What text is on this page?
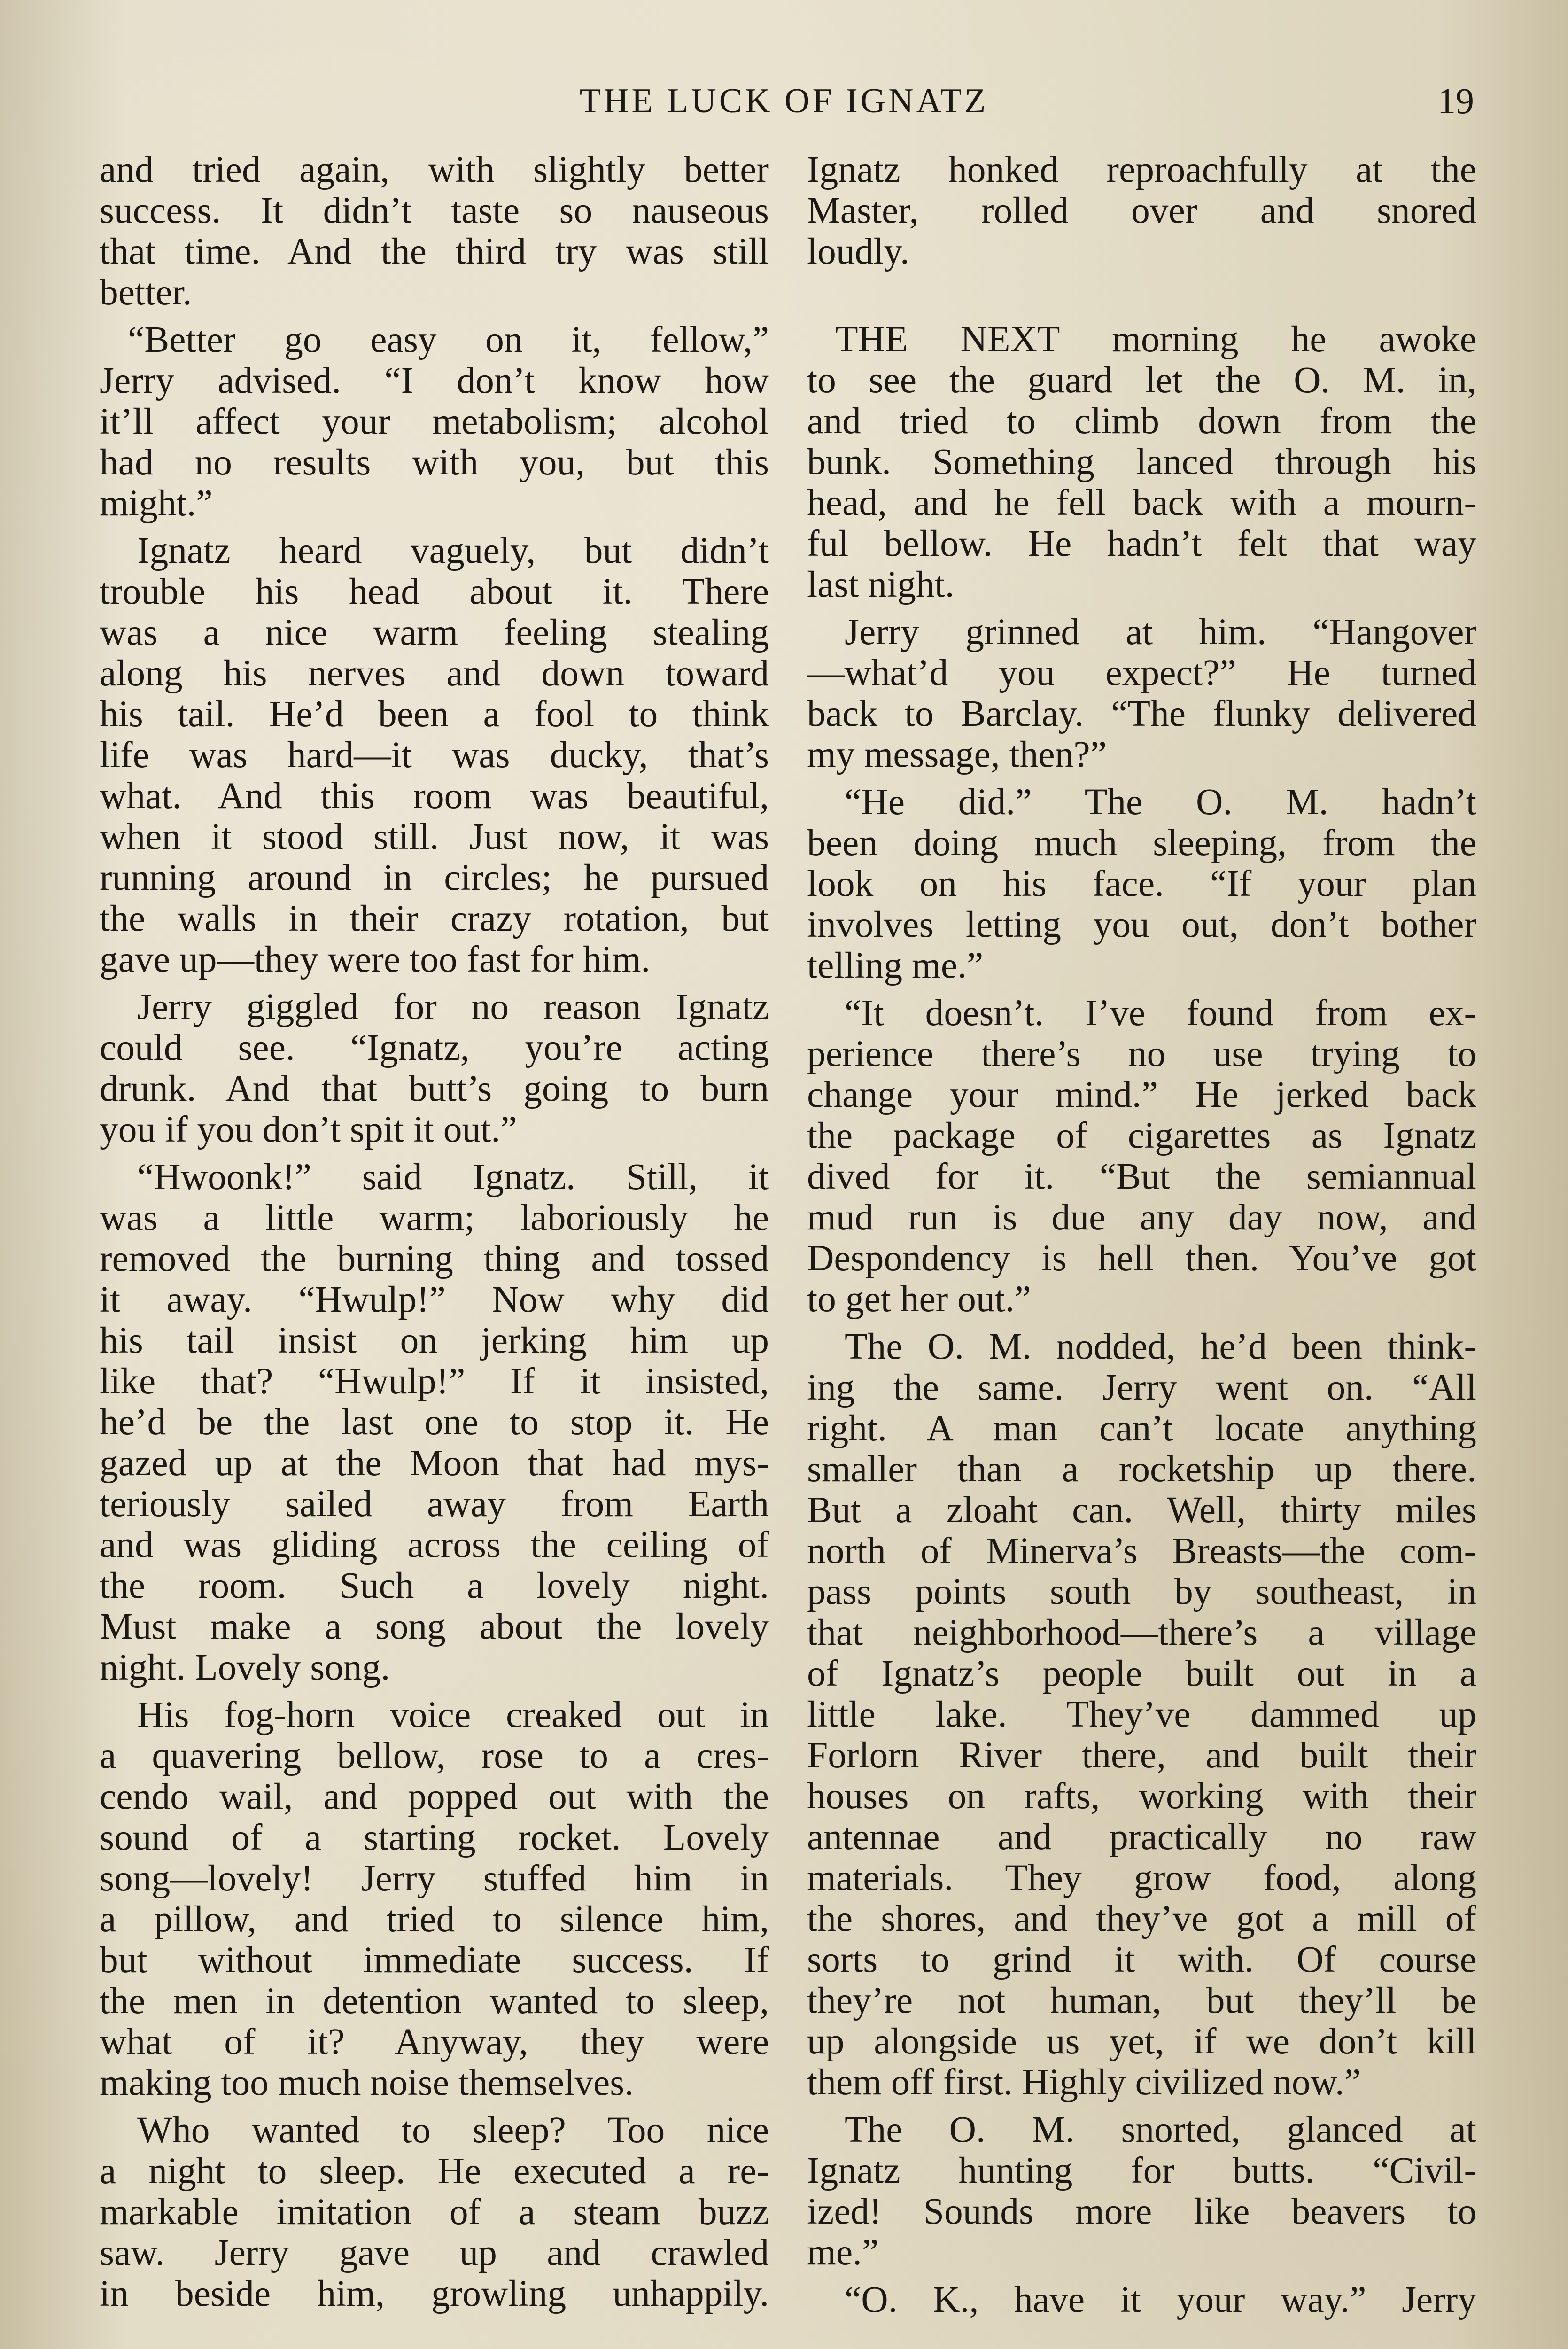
THE LUCK OF IGNATZ	19
and tried again, with slightly better
success. It didn’t taste so nauseous
that time. And the third try was still
better.
“Better go easy on it, fellow,”
Jerry advised. “I don’t know how
it’ll affect your metabolism; alcohol
had no results with you, but this
might.”
Ignatz heard vaguely, but didn’t
trouble his head about it. There
was a nice warm feeling stealing
along his nerves and down toward
his tail. He’d been a fool to think
life was hard—it was ducky, that’s
what. And this room was beautiful,
when it stood still. Just now, it was
running around in circles; he pursued
the walls in their crazy rotation, but
gave up—they were too fast for him.
Jerry giggled for no reason Ignatz
could see. “Ignatz, you’re acting
drunk. And that butt’s going to burn
you if you don’t spit it out.”
“Hwoonk!” said Ignatz. Still, it
was a little warm; laboriously he
removed the burning thing and tossed
it away. “Hwulp!” Now why did
his tail insist on jerking him up
like that? “Hwulp!” If it insisted,
he’d be the last one to stop it. He
gazed up at the Moon that had mys-
teriously sailed away from Earth
and was gliding across the ceiling of
the room. Such a lovely night.
Must make a song about the lovely
night. Lovely song.
His fog-horn voice creaked out in
a quavering bellow, rose to a cres-
cendo wail, and popped out with the
sound of a starting rocket. Lovely
song—lovely! Jerry stuffed him in
a pillow, and tried to silence him,
but without immediate success. If
the men in detention wanted to sleep,
what of it? Anyway, they were
making too much noise themselves.
Who wanted to sleep? Too nice
a night to sleep. He executed a re-
markable imitation of a steam buzz
saw. Jerry gave up and crawled
in beside him, growling unhappily.
Ignatz honked reproachfully at the
Master, rolled over and snored
loudly.
THE NEXT morning he awoke
to see the guard let the O. M. in,
and tried to climb down from the
bunk. Something lanced through his
head, and he fell back with a mourn-
ful bellow. He hadn’t felt that way
last night.
Jerry grinned at him. “Hangover
—what’d you expect?” He turned
back to Barclay. “The flunky delivered
my message, then?”
“He did.” The O. M. hadn’t
been doing much sleeping, from the
look on his face. “If your plan
involves letting you out, don’t bother
telling me.”
“It doesn’t. I’ve found from ex-
perience there’s no use trying to
change your mind.” He jerked back
the package of cigarettes as Ignatz
dived for it. “But the semiannual
mud run is due any day now, and
Despondency is hell then. You’ve got
to get her out.”
The O. M. nodded, he’d been think-
ing the same. Jerry went on. “All
right. A man can’t locate anything
smaller than a rocketship up there.
But a zloaht can. Well, thirty miles
north of Minerva’s Breasts—the com-
pass points south by southeast, in
that neighborhood—there’s a village
of Ignatz’s people built out in a
little lake. They’ve dammed up
Forlorn River there, and built their
houses on rafts, working with their
antennae and practically no raw
materials. They grow food, along
the shores, and they’ve got a mill of
sorts to grind it with. Of course
they’re not human, but they’ll be
up alongside us yet, if we don’t kill
them off first. Highly civilized now.”
The O. M. snorted, glanced at
Ignatz hunting for butts. “Civil-
ized! Sounds more like beavers to
me.”
“O. K., have it your way.” Jerry
